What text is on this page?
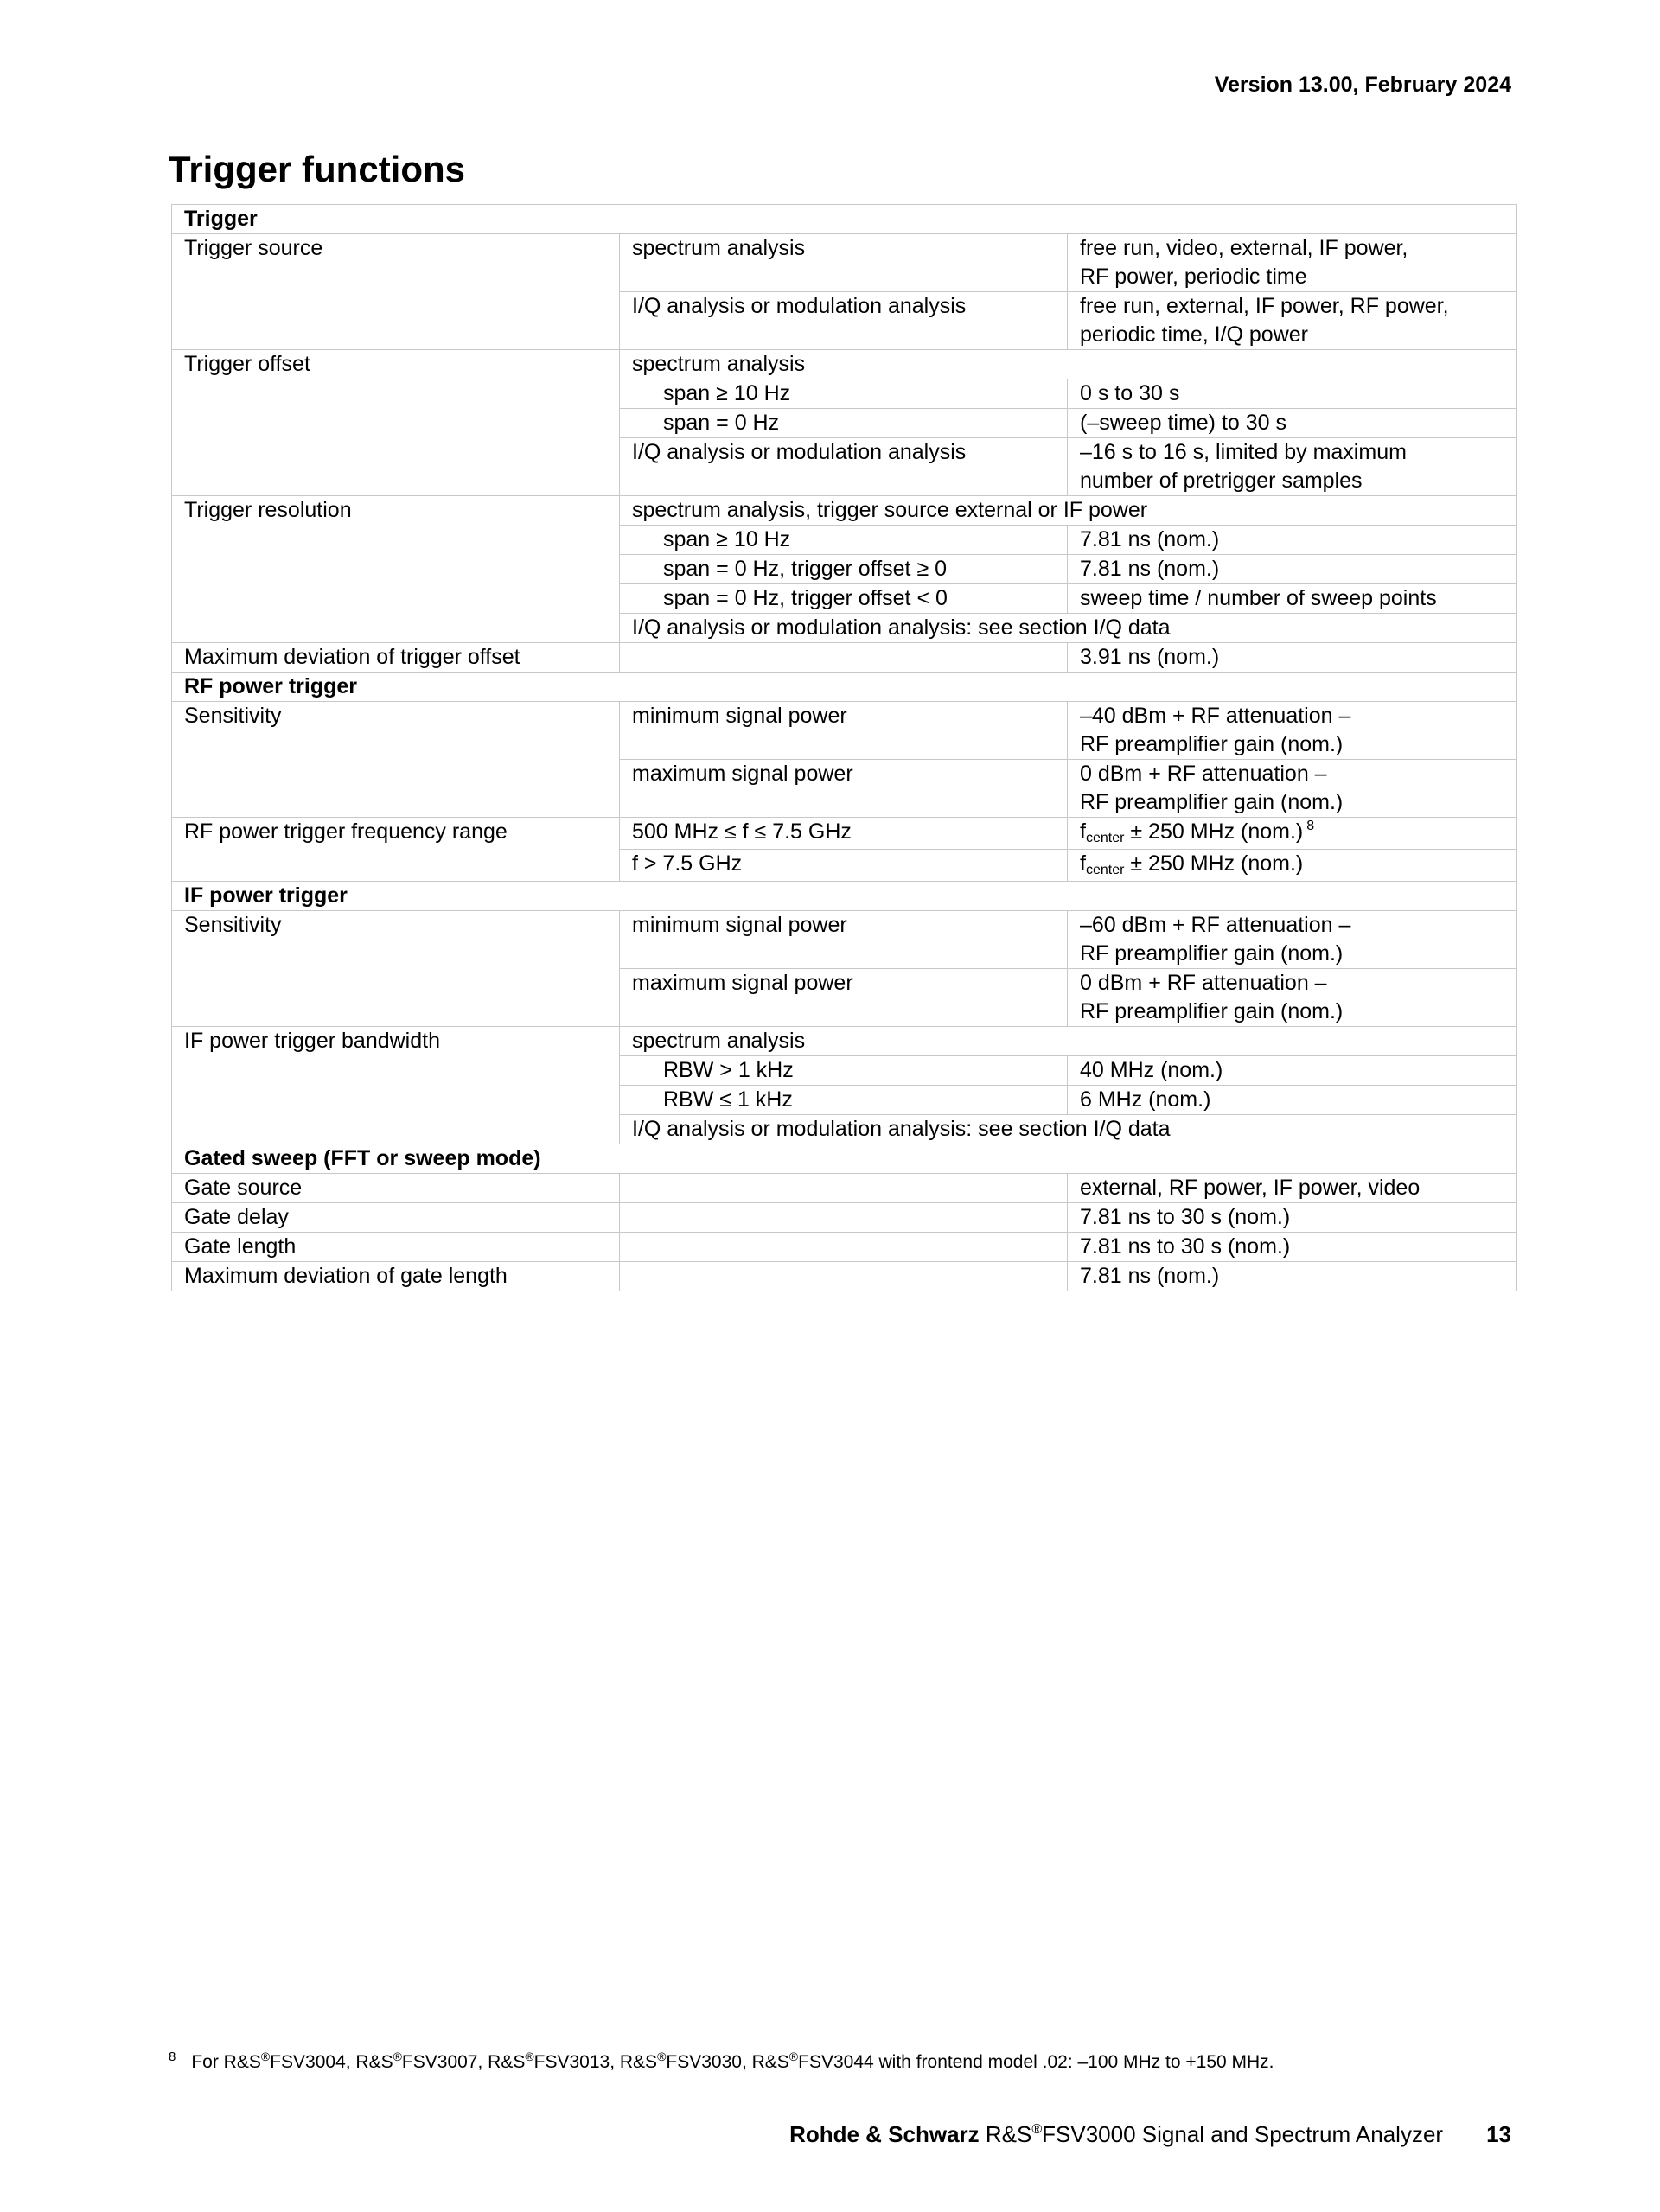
Version 13.00, February 2024
Trigger functions
Trigger		
Trigger source	spectrum analysis	free run, video, external, IF power,
RF power, periodic time

	I/Q analysis or modulation analysis	free run, external, IF power, RF power,
periodic time, I/Q power

Trigger offset	spectrum analysis	
	span ≥ 10 Hz	0 s to 30 s
	span = 0 Hz	(–sweep time) to 30 s
	I/Q analysis or modulation analysis	–16 s to 16 s, limited by maximum
number of pretrigger samples

Trigger resolution	spectrum analysis, trigger source external or IF power	
	span ≥ 10 Hz	7.81 ns (nom.)
	span = 0 Hz, trigger offset ≥ 0	7.81 ns (nom.)
	span = 0 Hz, trigger offset < 0	sweep time / number of sweep points
	I/Q analysis or modulation analysis: see section I/Q data	
Maximum deviation of trigger offset		3.91 ns (nom.)
RF power trigger		
Sensitivity	minimum signal power	–40 dBm + RF attenuation –
RF preamplifier gain (nom.)

	maximum signal power	0 dBm + RF attenuation –
RF preamplifier gain (nom.)

RF power trigger frequency range	500 MHz ≤ f ≤ 7.5 GHz	fcenter ± 250 MHz (nom.) $^8$
	f > 7.5 GHz	fcenter ± 250 MHz (nom.)
IF power trigger		
Sensitivity	minimum signal power	–60 dBm + RF attenuation –
RF preamplifier gain (nom.)

	maximum signal power	0 dBm + RF attenuation –
RF preamplifier gain (nom.)

IF power trigger bandwidth	spectrum analysis	
	RBW > 1 kHz	40 MHz (nom.)
	RBW ≤ 1 kHz	6 MHz (nom.)
	I/Q analysis or modulation analysis: see section I/Q data	
Gated sweep (FFT or sweep mode)		
Gate source		external, RF power, IF power, video
Gate delay		7.81 ns to 30 s (nom.)
Gate length		7.81 ns to 30 s (nom.)
Maximum deviation of gate length		7.81 ns (nom.)
$^8$ For R&S®FSV3004, R&S®FSV3007, R&S®FSV3013, R&S®FSV3030, R&S®FSV3044 with frontend model .02: –100 MHz to +150 MHz.
Rohde & Schwarz R&S®FSV3000 Signal and Spectrum Analyzer 13
